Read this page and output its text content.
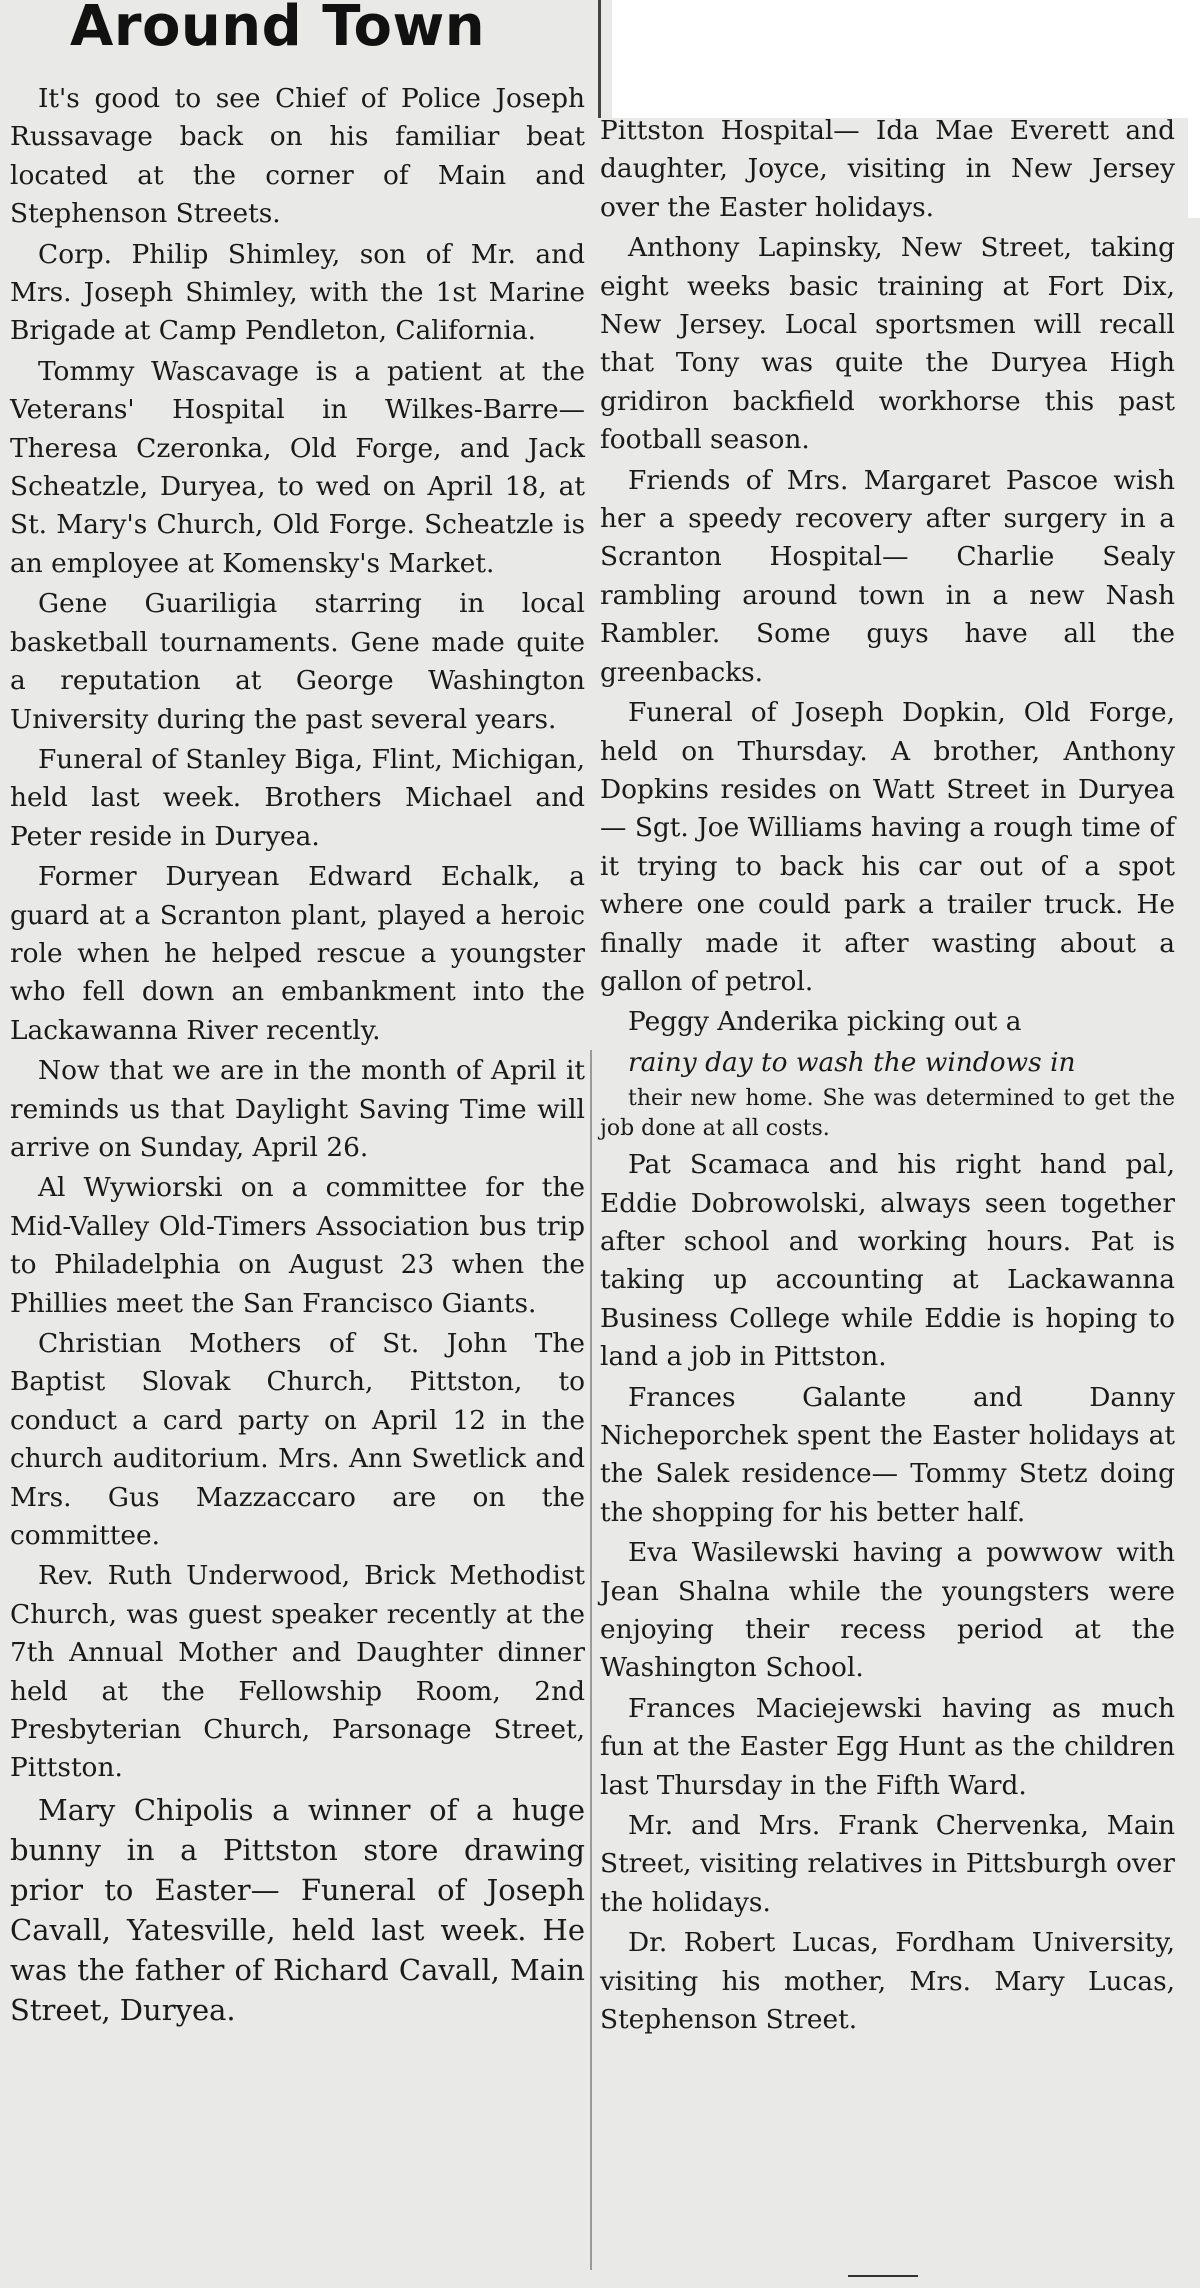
Around Town

It's good to see Chief of Police Joseph Russavage back on his familiar beat located at the corner of Main and Stephenson Streets.

Corp. Philip Shimley, son of Mr. and Mrs. Joseph Shimley, with the 1st Marine Brigade at Camp Pendleton, California.

Tommy Wascavage is a patient at the Veterans' Hospital in Wilkes-Barre— Theresa Czeronka, Old Forge, and Jack Scheatzle, Duryea, to wed on April 18, at St. Mary's Church, Old Forge. Scheatzle is an employee at Komensky's Market.

Gene Guariligia starring in local basketball tournaments. Gene made quite a reputation at George Washington University during the past several years.

Funeral of Stanley Biga, Flint, Michigan, held last week. Brothers Michael and Peter reside in Duryea.

Former Duryean Edward Echalk, a guard at a Scranton plant, played a heroic role when he helped rescue a youngster who fell down an embankment into the Lackawanna River recently.

Now that we are in the month of April it reminds us that Daylight Saving Time will arrive on Sunday, April 26.

Al Wywiorski on a committee for the Mid-Valley Old-Timers Association bus trip to Philadelphia on August 23 when the Phillies meet the San Francisco Giants.

Christian Mothers of St. John The Baptist Slovak Church, Pittston, to conduct a card party on April 12 in the church auditorium. Mrs. Ann Swetlick and Mrs. Gus Mazzaccaro are on the committee.

Rev. Ruth Underwood, Brick Methodist Church, was guest speaker recently at the 7th Annual Mother and Daughter dinner held at the Fellowship Room, 2nd Presbyterian Church, Parsonage Street, Pittston.

Mary Chipolis a winner of a huge bunny in a Pittston store drawing prior to Easter— Funeral of Joseph Cavall, Yatesville, held last week. He was the father of Richard Cavall, Main Street, Duryea.

Pittston Hospital— Ida Mae Everett and daughter, Joyce, visiting in New Jersey over the Easter holidays.

Anthony Lapinsky, New Street, taking eight weeks basic training at Fort Dix, New Jersey. Local sportsmen will recall that Tony was quite the Duryea High gridiron backfield workhorse this past football season.

Friends of Mrs. Margaret Pascoe wish her a speedy recovery after surgery in a Scranton Hospital— Charlie Sealy rambling around town in a new Nash Rambler. Some guys have all the greenbacks.

Funeral of Joseph Dopkin, Old Forge, held on Thursday. A brother, Anthony Dopkins resides on Watt Street in Duryea— Sgt. Joe Williams having a rough time of it trying to back his car out of a spot where one could park a trailer truck. He finally made it after wasting about a gallon of petrol.

Peggy Anderika picking out a

rainy day to wash the windows in

their new home. She was determined to get the job done at all costs.

Pat Scamaca and his right hand pal, Eddie Dobrowolski, always seen together after school and working hours. Pat is taking up accounting at Lackawanna Business College while Eddie is hoping to land a job in Pittston.

Frances Galante and Danny Nicheporchek spent the Easter holidays at the Salek residence— Tommy Stetz doing the shopping for his better half.

Eva Wasilewski having a powwow with Jean Shalna while the youngsters were enjoying their recess period at the Washington School.

Frances Maciejewski having as much fun at the Easter Egg Hunt as the children last Thursday in the Fifth Ward.

Mr. and Mrs. Frank Chervenka, Main Street, visiting relatives in Pittsburgh over the holidays.

Dr. Robert Lucas, Fordham University, visiting his mother, Mrs. Mary Lucas, Stephenson Street.
